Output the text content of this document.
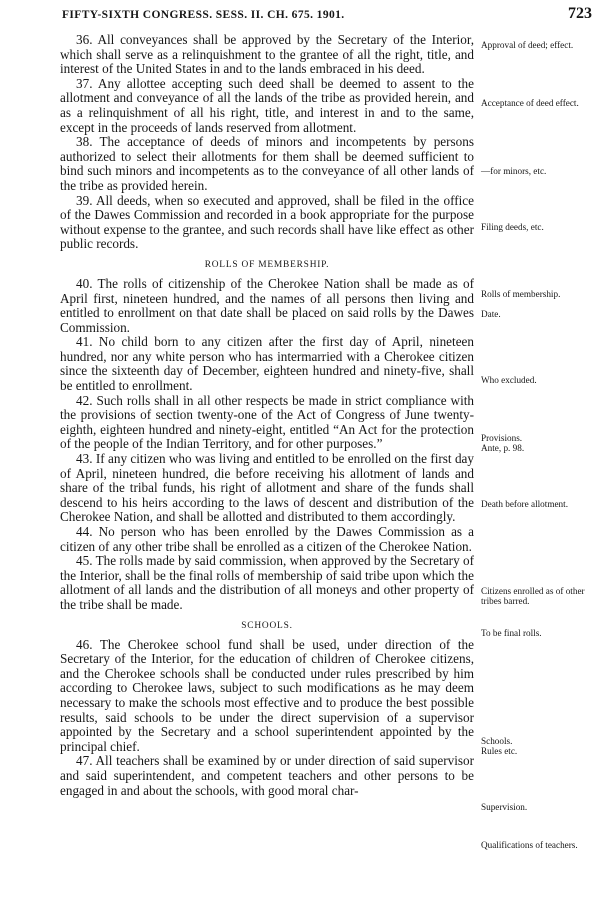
FIFTY-SIXTH CONGRESS. SESS. II. CH. 675. 1901.	723

36. All conveyances shall be approved by the Secretary of the Interior, which shall serve as a relinquishment to the grantee of all the right, title, and interest of the United States in and to the lands embraced in his deed.

37. Any allottee accepting such deed shall be deemed to assent to the allotment and conveyance of all the lands of the tribe as provided herein, and as a relinquishment of all his right, title, and interest in and to the same, except in the proceeds of lands reserved from allotment.

38. The acceptance of deeds of minors and incompetents by persons authorized to select their allotments for them shall be deemed sufficient to bind such minors and incompetents as to the conveyance of all other lands of the tribe as provided herein.

39. All deeds, when so executed and approved, shall be filed in the office of the Dawes Commission and recorded in a book appropriate for the purpose without expense to the grantee, and such records shall have like effect as other public records.

ROLLS OF MEMBERSHIP.

40. The rolls of citizenship of the Cherokee Nation shall be made as of April first, nineteen hundred, and the names of all persons then living and entitled to enrollment on that date shall be placed on said rolls by the Dawes Commission.

41. No child born to any citizen after the first day of April, nineteen hundred, nor any white person who has intermarried with a Cherokee citizen since the sixteenth day of December, eighteen hundred and ninety-five, shall be entitled to enrollment.

42. Such rolls shall in all other respects be made in strict compliance with the provisions of section twenty-one of the Act of Congress of June twenty-eighth, eighteen hundred and ninety-eight, entitled “An Act for the protection of the people of the Indian Territory, and for other purposes.”

43. If any citizen who was living and entitled to be enrolled on the first day of April, nineteen hundred, die before receiving his allotment of lands and share of the tribal funds, his right of allotment and share of the funds shall descend to his heirs according to the laws of descent and distribution of the Cherokee Nation, and shall be allotted and distributed to them accordingly.

44. No person who has been enrolled by the Dawes Commission as a citizen of any other tribe shall be enrolled as a citizen of the Cherokee Nation.

45. The rolls made by said commission, when approved by the Secretary of the Interior, shall be the final rolls of membership of said tribe upon which the allotment of all lands and the distribution of all moneys and other property of the tribe shall be made.

SCHOOLS.

46. The Cherokee school fund shall be used, under direction of the Secretary of the Interior, for the education of children of Cherokee citizens, and the Cherokee schools shall be conducted under rules prescribed by him according to Cherokee laws, subject to such modifications as he may deem necessary to make the schools most effective and to produce the best possible results, said schools to be under the direct supervision of a supervisor appointed by the Secretary and a school superintendent appointed by the principal chief.

47. All teachers shall be examined by or under direction of said supervisor and said superintendent, and competent teachers and other persons to be engaged in and about the schools, with good moral char-

Approval of deed; effect.
Acceptance of deed effect.
—for minors, etc.
Filing deeds, etc.
Rolls of membership.
Date.
Who excluded.
Provisions.
Ante, p. 98.
Death before allotment.
Citizens enrolled as of other tribes barred.
To be final rolls.
Schools.
Rules etc.
Supervision.
Qualifications of teachers.
